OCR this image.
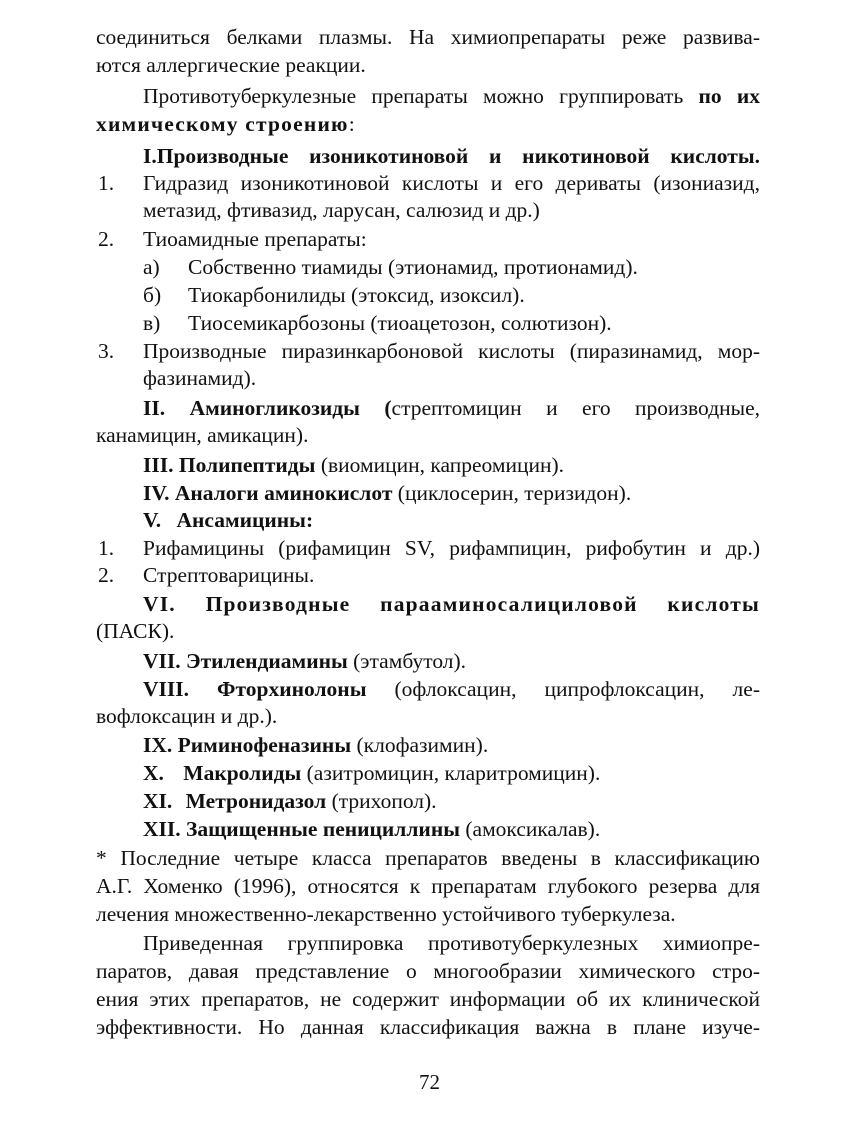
соединиться белками плазмы. На химиопрепараты реже развива-
ются аллергические реакции.
Противотуберкулезные препараты можно группировать по их
химическому строению:
I.Производные изоникотиновой и никотиновой кислоты.
1. Гидразид изоникотиновой кислоты и его дериваты (изониазид,
метазид, фтивазид, ларусан, салюзид и др.)
2. Тиоамидные препараты:
а) Собственно тиамиды (этионамид, протионамид).
б) Тиокарбонилиды (этоксид, изоксил).
в) Тиосемикарбозоны (тиоацетозон, солютизон).
3. Производные пиразинкарбоновой кислоты (пиразинамид, мор-
фазинамид).
II. Аминогликозиды (стрептомицин и его производные,
канамицин, амикацин).
III. Полипептиды (виомицин, капреомицин).
IV. Аналоги аминокислот (циклосерин, теризидон).
V. Ансамицины:
1. Рифамицины (рифамицин SV, рифампицин, рифобутин и др.)
2. Стрептоварицины.
VI. Производные парааминосалициловой кислоты
(ПАСК).
VII. Этилендиамины (этамбутол).
VIII. Фторхинолоны (офлоксацин, ципрофлоксацин, ле-
вофлоксацин и др.).
IX. Риминофеназины (клофазимин).
X. Макролиды (азитромицин, кларитромицин).
XI. Метронидазол (трихопол).
XII. Защищенные пенициллины (амоксикалав).
* Последние четыре класса препаратов введены в классификацию
А.Г. Хоменко (1996), относятся к препаратам глубокого резерва для
лечения множественно-лекарственно устойчивого туберкулеза.
Приведенная группировка противотуберкулезных химиопре-
паратов, давая представление о многообразии химического стро-
ения этих препаратов, не содержит информации об их клинической
эффективности. Но данная классификация важна в плане изуче-
72
